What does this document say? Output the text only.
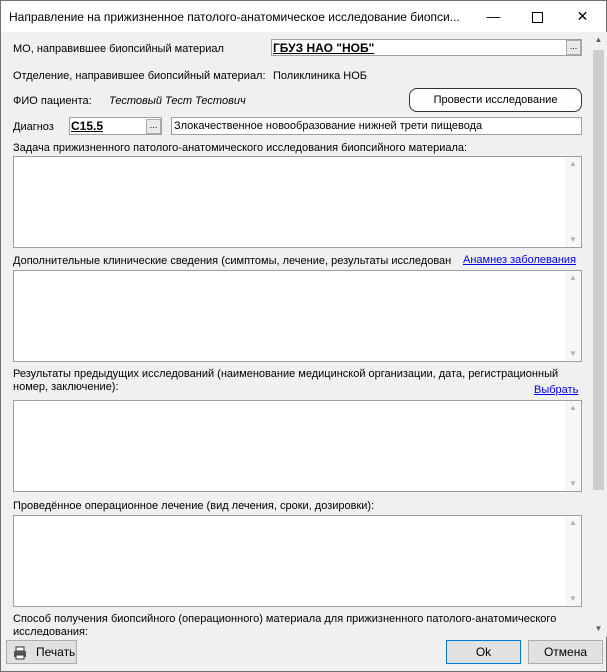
Направление на прижизненное патолого-анатомическое исследование биопси...	—	✕
МО, направившее биопсийный материал	ГБУЗ НАО "НОБ"	...
Отделение, направившее биопсийный материал: Поликлиника НОБ
ФИО пациента: Тестовый Тест Тестович	Провести исследование
Диагноз C15.5	...	Злокачественное новообразование нижней трети пищевода
Задача прижизненного патолого-анатомического исследования биопсийного материала:
▲
▼
Дополнительные клинические сведения (симптомы, лечение, результаты исследован	Анамнез заболевания
▲
▼
Результаты предыдущих исследований (наименование медицинской организации, дата, регистрационный
номер, заключение):	Выбрать
▲
▼
Проведённое операционное лечение (вид лечения, сроки, дозировки):
▲
▼
Способ получения биопсийного (операционного) материала для прижизненного патолого-анатомического
исследования:
▲
▼
Печать	Ok	Отмена
